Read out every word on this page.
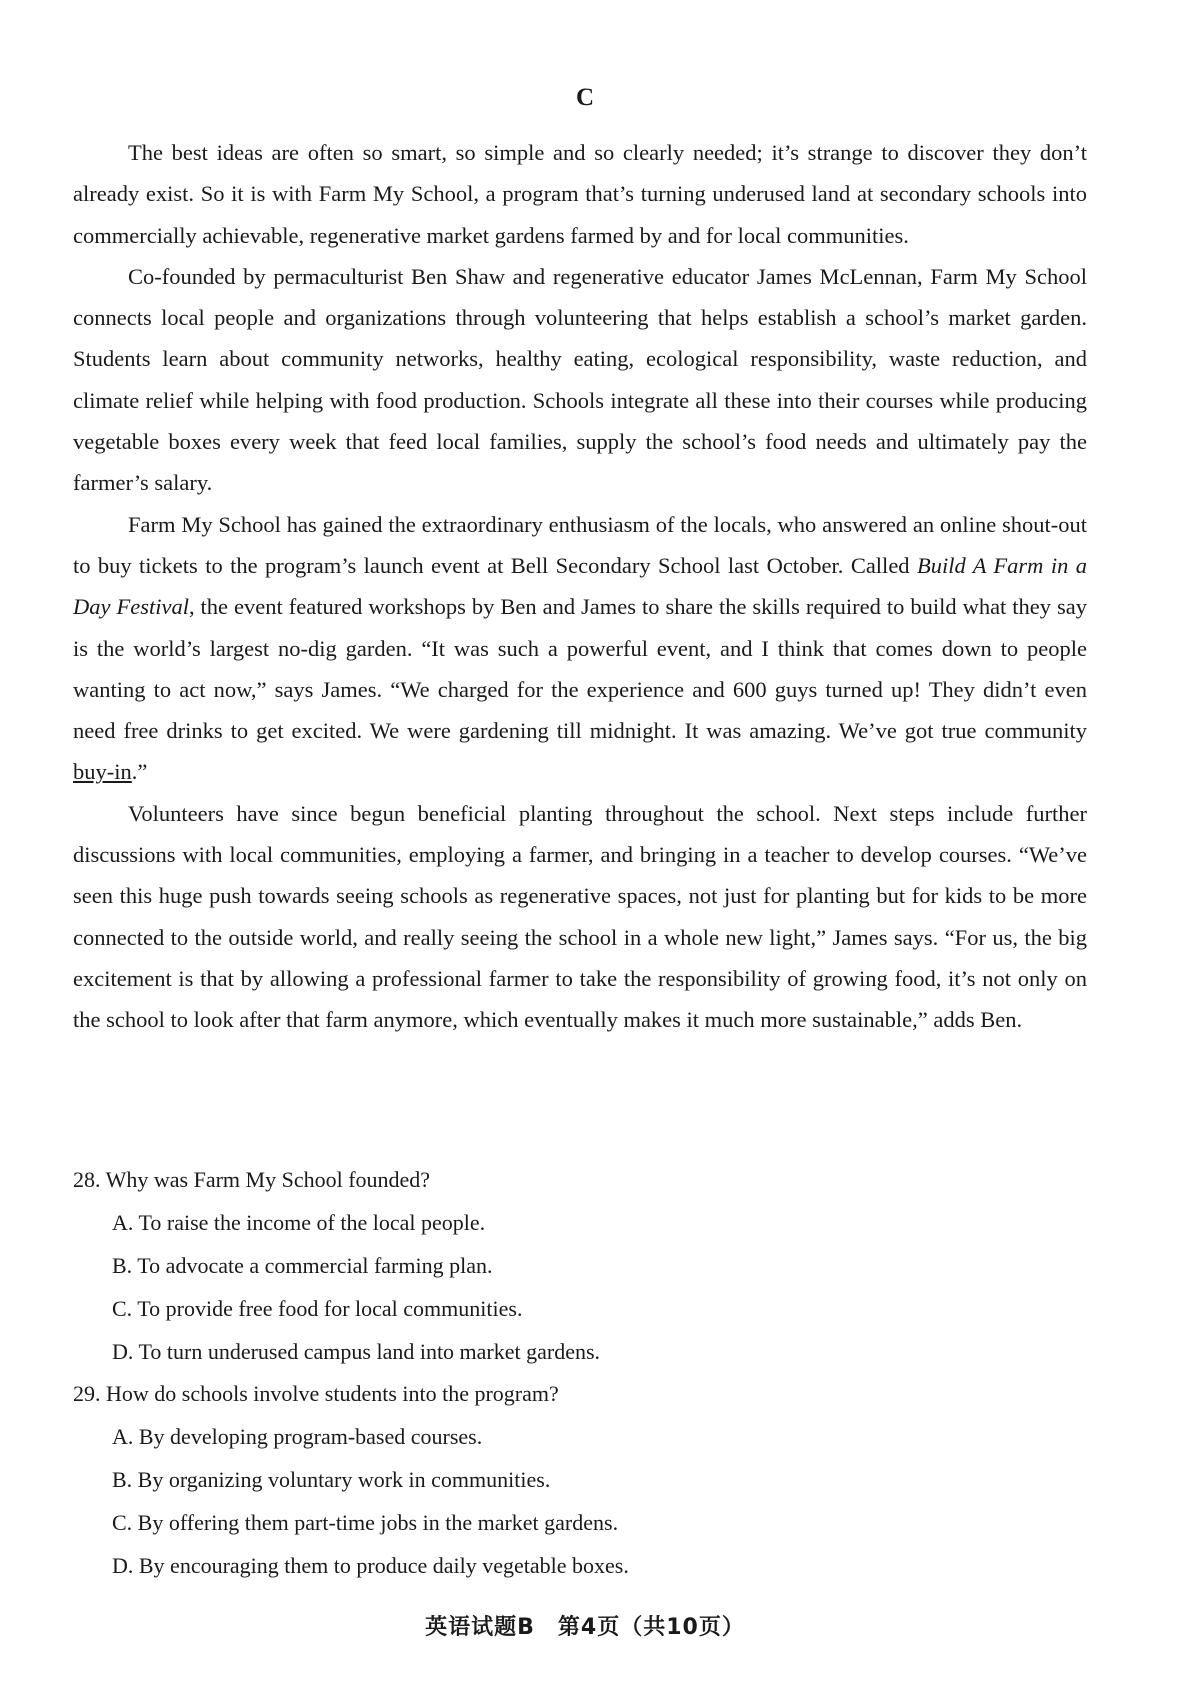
C

The best ideas are often so smart, so simple and so clearly needed; it’s strange to discover they don’t already exist. So it is with Farm My School, a program that’s turning underused land at secondary schools into commercially achievable, regenerative market gardens farmed by and for local communities.

Co-founded by permaculturist Ben Shaw and regenerative educator James McLennan, Farm My School connects local people and organizations through volunteering that helps establish a school’s market garden. Students learn about community networks, healthy eating, ecological responsibility, waste reduction, and climate relief while helping with food production. Schools integrate all these into their courses while producing vegetable boxes every week that feed local families, supply the school’s food needs and ultimately pay the farmer’s salary.

Farm My School has gained the extraordinary enthusiasm of the locals, who answered an online shout-out to buy tickets to the program’s launch event at Bell Secondary School last October. Called Build A Farm in a Day Festival, the event featured workshops by Ben and James to share the skills required to build what they say is the world’s largest no-dig garden. “It was such a powerful event, and I think that comes down to people wanting to act now,” says James. “We charged for the experience and 600 guys turned up! They didn’t even need free drinks to get excited. We were gardening till midnight. It was amazing. We’ve got true community buy-in.”

Volunteers have since begun beneficial planting throughout the school. Next steps include further discussions with local communities, employing a farmer, and bringing in a teacher to develop courses. “We’ve seen this huge push towards seeing schools as regenerative spaces, not just for planting but for kids to be more connected to the outside world, and really seeing the school in a whole new light,” James says. “For us, the big excitement is that by allowing a professional farmer to take the responsibility of growing food, it’s not only on the school to look after that farm anymore, which eventually makes it much more sustainable,” adds Ben.

28. Why was Farm My School founded?
A. To raise the income of the local people.
B. To advocate a commercial farming plan.
C. To provide free food for local communities.
D. To turn underused campus land into market gardens.
29. How do schools involve students into the program?
A. By developing program-based courses.
B. By organizing voluntary work in communities.
C. By offering them part-time jobs in the market gardens.
D. By encouraging them to produce daily vegetable boxes.
英语试题B　第4页（共10页）
